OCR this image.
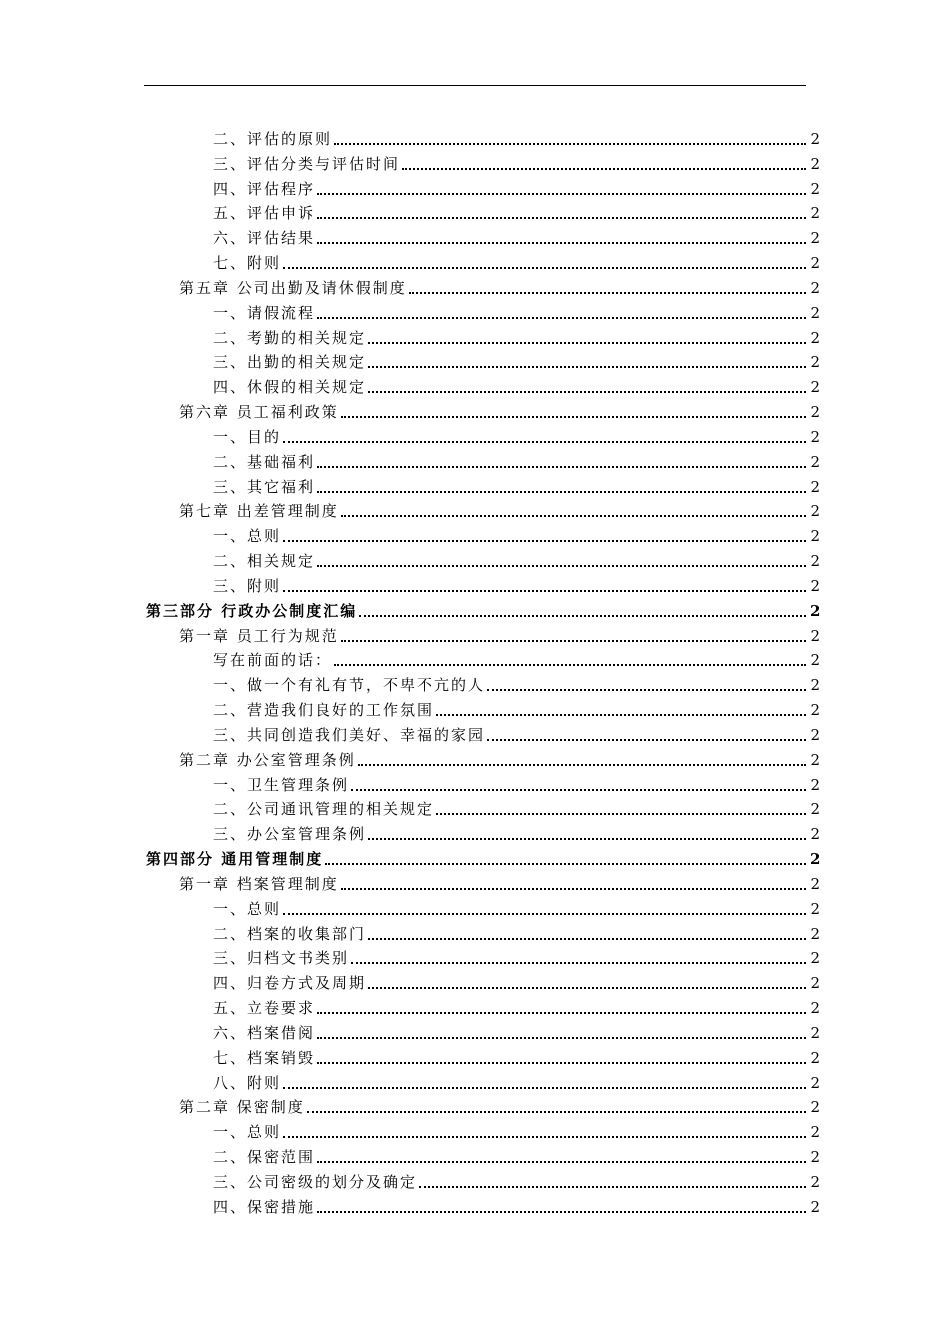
二、评估的原则	2
三、评估分类与评估时间	2
四、评估程序	2
五、评估申诉	2
六、评估结果	2
七、附则	2
第五章 公司出勤及请休假制度	2
一、请假流程	2
二、考勤的相关规定	2
三、出勤的相关规定	2
四、休假的相关规定	2
第六章 员工福利政策	2
一、目的	2
二、基础福利	2
三、其它福利	2
第七章 出差管理制度	2
一、总则	2
二、相关规定	2
三、附则	2
第三部分 行政办公制度汇编	2
第一章 员工行为规范	2
写在前面的话：	2
一、做一个有礼有节，不卑不亢的人	2
二、营造我们良好的工作氛围	2
三、共同创造我们美好、幸福的家园	2
第二章 办公室管理条例	2
一、卫生管理条例	2
二、公司通讯管理的相关规定	2
三、办公室管理条例	2
第四部分 通用管理制度	2
第一章 档案管理制度	2
一、总则	2
二、档案的收集部门	2
三、归档文书类别	2
四、归卷方式及周期	2
五、立卷要求	2
六、档案借阅	2
七、档案销毁	2
八、附则	2
第二章 保密制度	2
一、总则	2
二、保密范围	2
三、公司密级的划分及确定	2
四、保密措施	2
